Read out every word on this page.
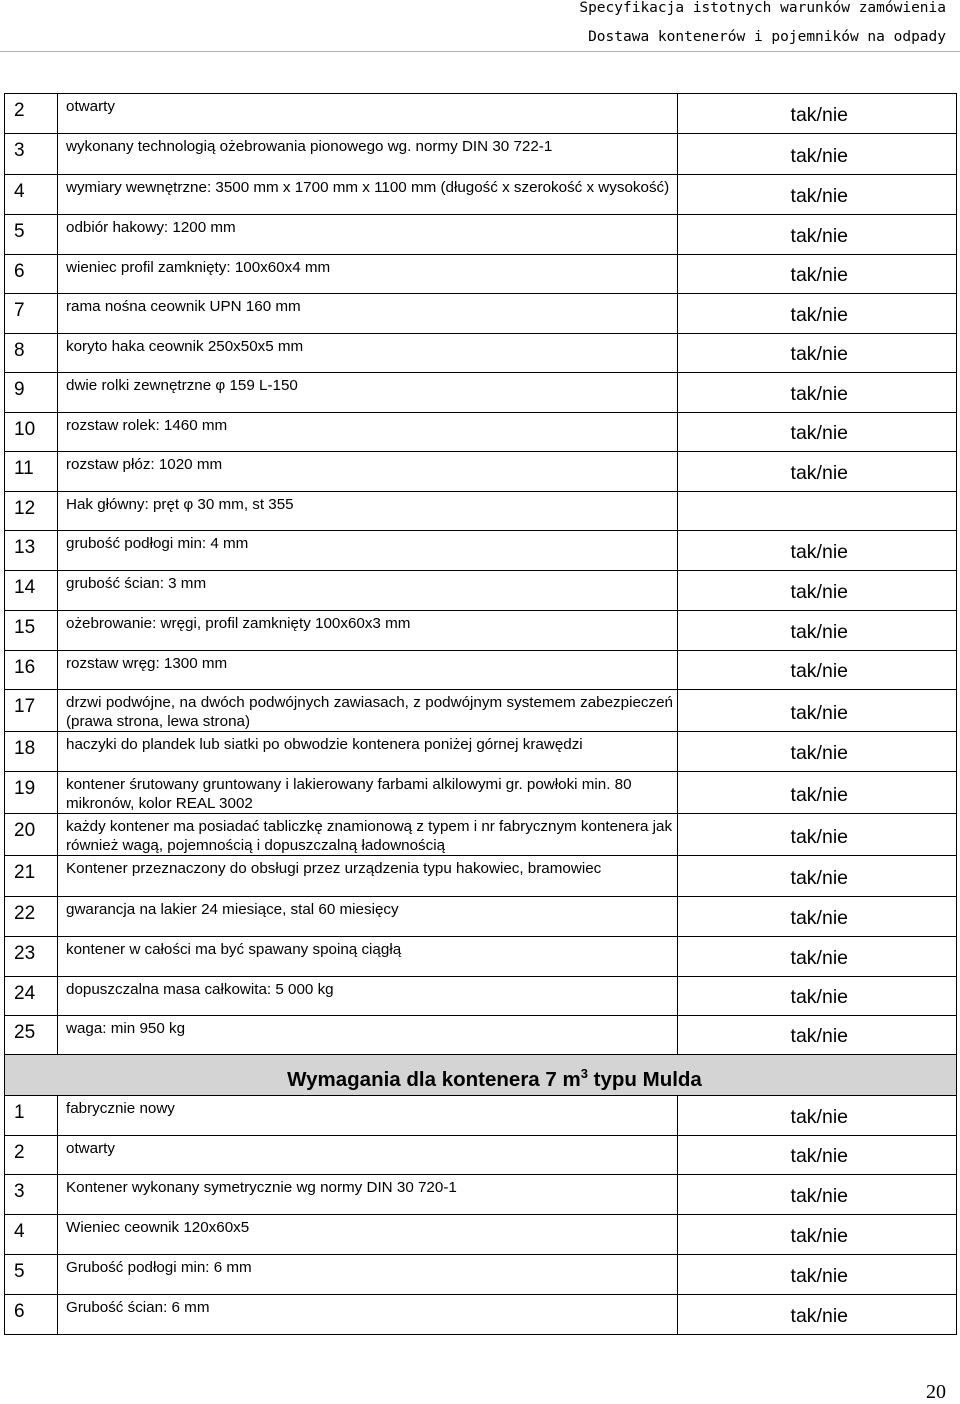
Specyfikacja istotnych warunków zamówienia
Dostawa kontenerów i pojemników na odpady
2	otwarty	tak/nie
3	wykonany technologią ożebrowania pionowego wg. normy DIN 30 722-1	tak/nie
4	wymiary wewnętrzne: 3500 mm x 1700 mm x 1100 mm (długość x szerokość x wysokość)	tak/nie
5	odbiór hakowy: 1200 mm	tak/nie
6	wieniec profil zamknięty: 100x60x4 mm	tak/nie
7	rama nośna ceownik UPN 160 mm	tak/nie
8	koryto haka ceownik 250x50x5 mm	tak/nie
9	dwie rolki zewnętrzne φ 159 L-150	tak/nie
10	rozstaw rolek: 1460 mm	tak/nie
11	rozstaw płóz: 1020 mm	tak/nie
12	Hak główny: pręt φ 30 mm, st 355	
13	grubość podłogi min: 4 mm	tak/nie
14	grubość ścian: 3 mm	tak/nie
15	ożebrowanie: wręgi, profil zamknięty 100x60x3 mm	tak/nie
16	rozstaw wręg: 1300 mm	tak/nie
17	drzwi podwójne, na dwóch podwójnych zawiasach, z podwójnym systemem zabezpieczeń (prawa strona, lewa strona)	tak/nie
18	haczyki do plandek lub siatki po obwodzie kontenera poniżej górnej krawędzi	tak/nie
19	kontener śrutowany gruntowany i lakierowany farbami alkilowymi gr. powłoki min. 80 mikronów, kolor REAL 3002	tak/nie
20	każdy kontener ma posiadać tabliczkę znamionową z typem i nr fabrycznym kontenera jak również wagą, pojemnością i dopuszczalną ładownością	tak/nie
21	Kontener przeznaczony do obsługi przez urządzenia typu hakowiec, bramowiec	tak/nie
22	gwarancja na lakier 24 miesiące, stal 60 miesięcy	tak/nie
23	kontener w całości ma być spawany spoiną ciągłą	tak/nie
24	dopuszczalna masa całkowita: 5 000 kg	tak/nie
25	waga: min 950 kg	tak/nie
Wymagania dla kontenera 7 $m^3$ typu Mulda		
1	fabrycznie nowy	tak/nie
2	otwarty	tak/nie
3	Kontener wykonany symetrycznie wg normy DIN 30 720-1	tak/nie
4	Wieniec ceownik 120x60x5	tak/nie
5	Grubość podłogi min: 6 mm	tak/nie
6	Grubość ścian: 6 mm	tak/nie
20
